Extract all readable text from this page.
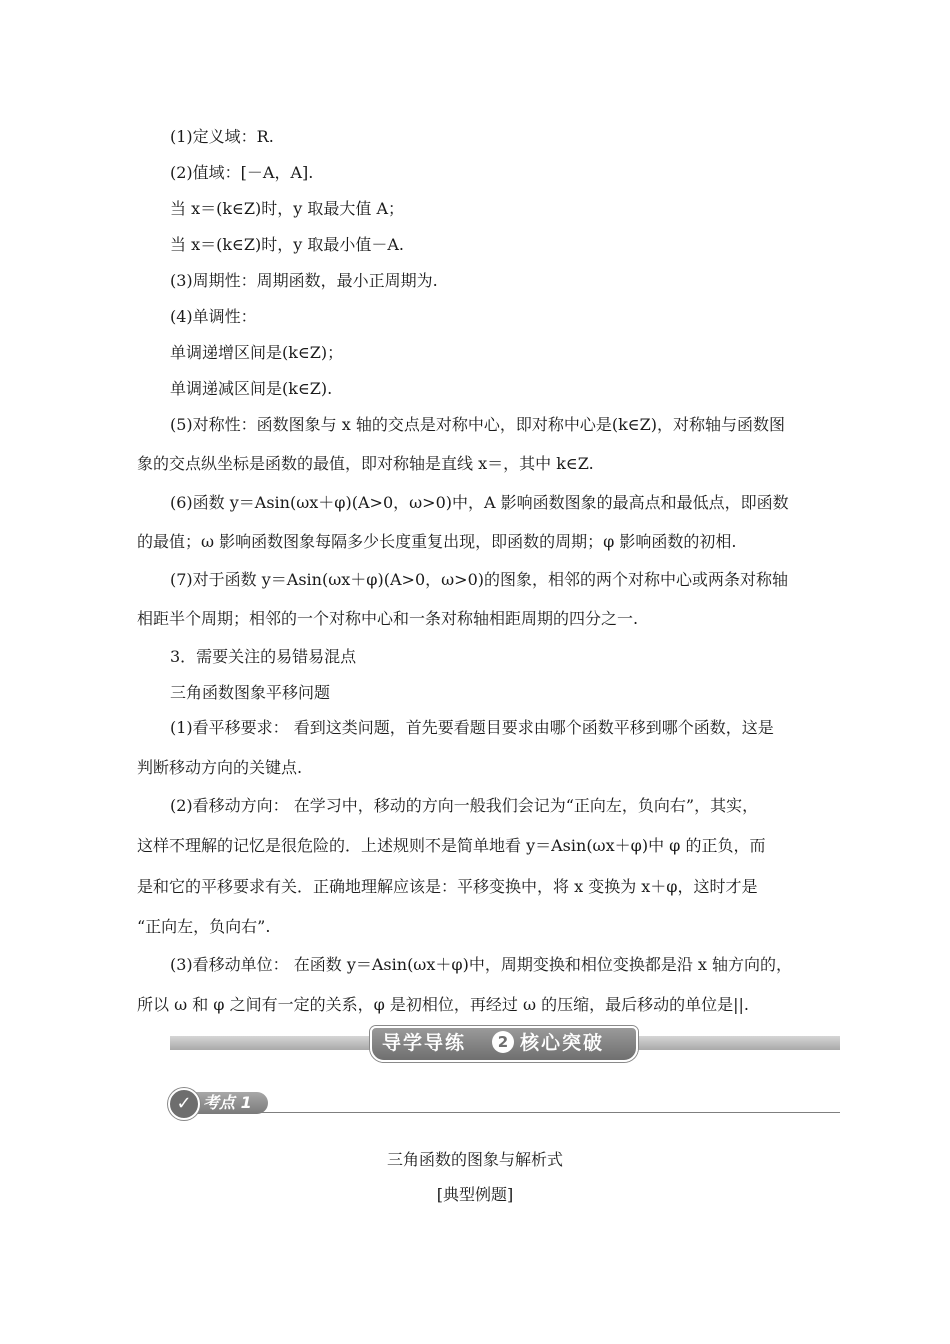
(1)定义域：R.
(2)值域：[－A，A].
当 x＝(k∈Z)时，y 取最大值 A；
当 x＝(k∈Z)时，y 取最小值－A.
(3)周期性：周期函数，最小正周期为.
(4)单调性：
单调递增区间是(k∈Z)；
单调递减区间是(k∈Z).
(5)对称性：函数图象与 x 轴的交点是对称中心，即对称中心是(k∈Z)，对称轴与函数图
象的交点纵坐标是函数的最值，即对称轴是直线 x＝，其中 k∈Z.
(6)函数 y＝Asin(ωx＋φ)(A>0，ω>0)中，A 影响函数图象的最高点和最低点，即函数
的最值；ω 影响函数图象每隔多少长度重复出现，即函数的周期；φ 影响函数的初相.
(7)对于函数 y＝Asin(ωx＋φ)(A>0，ω>0)的图象，相邻的两个对称中心或两条对称轴
相距半个周期；相邻的一个对称中心和一条对称轴相距周期的四分之一.
3．需要关注的易错易混点
三角函数图象平移问题
(1)看平移要求： 看到这类问题，首先要看题目要求由哪个函数平移到哪个函数，这是
判断移动方向的关键点.
(2)看移动方向： 在学习中，移动的方向一般我们会记为“正向左，负向右”，其实，
这样不理解的记忆是很危险的．上述规则不是简单地看 y＝Asin(ωx＋φ)中 φ 的正负，而
是和它的平移要求有关．正确地理解应该是：平移变换中，将 x 变换为 x＋φ，这时才是
“正向左，负向右”.
(3)看移动单位： 在函数 y＝Asin(ωx＋φ)中，周期变换和相位变换都是沿 x 轴方向的，
所以 ω 和 φ 之间有一定的关系，φ 是初相位，再经过 ω 的压缩，最后移动的单位是||.
导学导练	2 核心突破
✓ 考点 1
三角函数的图象与解析式
[典型例题]
